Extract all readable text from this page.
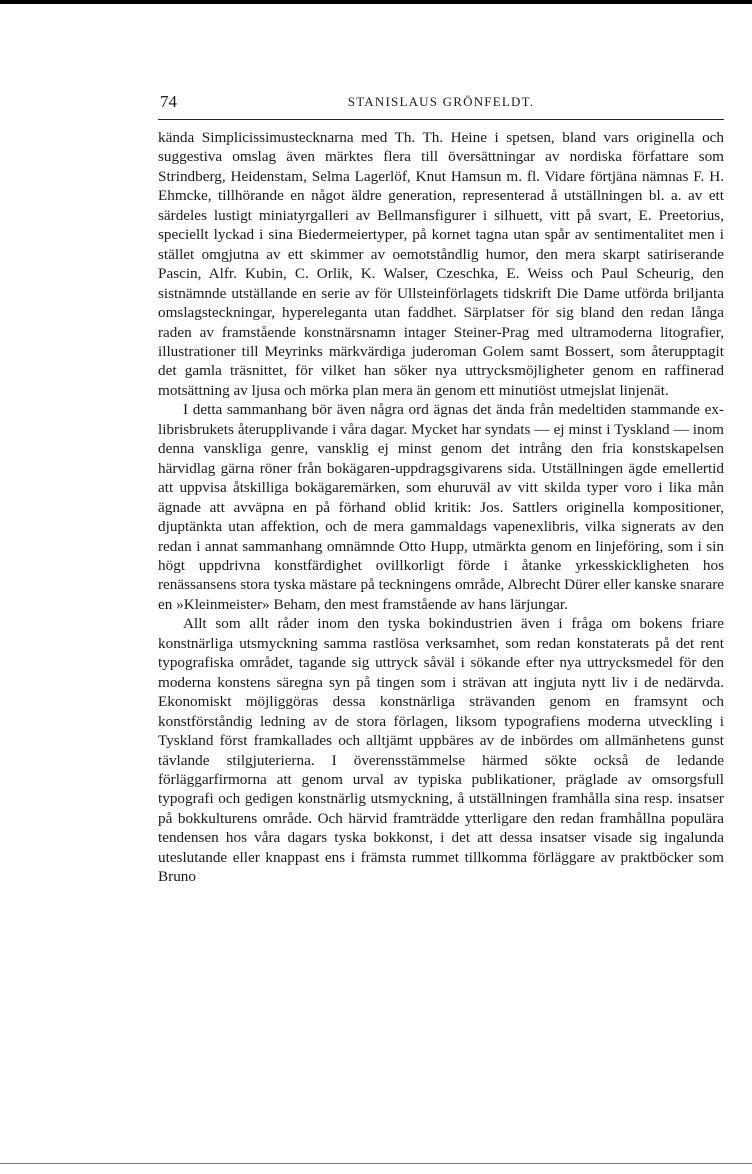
74	STANISLAUS GRÖNFELDT.

kända Simplicissimustecknarna med Th. Th. Heine i spetsen, bland vars originella och suggestiva omslag även märktes flera till översättningar av nordiska författare som Strindberg, Heidenstam, Selma Lagerlöf, Knut Hamsun m. fl. Vidare förtjäna nämnas F. H. Ehmcke, tillhörande en något äldre generation, representerad å utställningen bl. a. av ett särdeles lustigt miniatyrgalleri av Bellmansfigurer i silhuett, vitt på svart, E. Preetorius, speciellt lyckad i sina Biedermeiertyper, på kornet tagna utan spår av sentimentalitet men i stället omgjutna av ett skimmer av oemotståndlig humor, den mera skarpt satiriserande Pascin, Alfr. Kubin, C. Orlik, K. Walser, Czeschka, E. Weiss och Paul Scheurig, den sistnämnde utställande en serie av för Ullsteinförlagets tidskrift Die Dame utförda briljanta omslagsteckningar, hypereleganta utan faddhet. Särplatser för sig bland den redan långa raden av framstående konstnärsnamn intager Steiner-Prag med ultramoderna litografier, illustrationer till Meyrinks märkvärdiga juderoman Golem samt Bossert, som återupptagit det gamla träsnittet, för vilket han söker nya uttrycksmöjligheter genom en raffinerad motsättning av ljusa och mörka plan mera än genom ett minutiöst utmejslat linjenät.

I detta sammanhang bör även några ord ägnas det ända från medeltiden stammande ex-librisbrukets återupplivande i våra dagar. Mycket har syndats — ej minst i Tyskland — inom denna vanskliga genre, vansklig ej minst genom det intrång den fria konstskapelsen härvidlag gärna röner från bokägaren-uppdragsgivarens sida. Utställningen ägde emellertid att uppvisa åtskilliga bokägaremärken, som ehuruväl av vitt skilda typer voro i lika mån ägnade att avväpna en på förhand oblid kritik: Jos. Sattlers originella kompositioner, djuptänkta utan affektion, och de mera gammaldags vapenexlibris, vilka signerats av den redan i annat sammanhang omnämnde Otto Hupp, utmärkta genom en linjeföring, som i sin högt uppdrivna konstfärdighet ovillkorligt förde i åtanke yrkesskickligheten hos renässansens stora tyska mästare på teckningens område, Albrecht Dürer eller kanske snarare en »Kleinmeister» Beham, den mest framstående av hans lärjungar.

Allt som allt råder inom den tyska bokindustrien även i fråga om bokens friare konstnärliga utsmyckning samma rastlösa verksamhet, som redan konstaterats på det rent typografiska området, tagande sig uttryck såväl i sökande efter nya uttrycksmedel för den moderna konstens säregna syn på tingen som i strävan att ingjuta nytt liv i de nedärvda. Ekonomiskt möjliggöras dessa konstnärliga strävanden genom en framsynt och konstförståndig ledning av de stora förlagen, liksom typografiens moderna utveckling i Tyskland först framkallades och alltjämt uppbäres av de inbördes om allmänhetens gunst tävlande stilgjuterierna. I överensstämmelse härmed sökte också de ledande förläggarfirmorna att genom urval av typiska publikationer, präglade av omsorgsfull typografi och gedigen konstnärlig utsmyckning, å utställningen framhålla sina resp. insatser på bokkulturens område. Och härvid framträdde ytterligare den redan framhållna populära tendensen hos våra dagars tyska bokkonst, i det att dessa insatser visade sig ingalunda uteslutande eller knappast ens i främsta rummet tillkomma förläggare av praktböcker som Bruno
